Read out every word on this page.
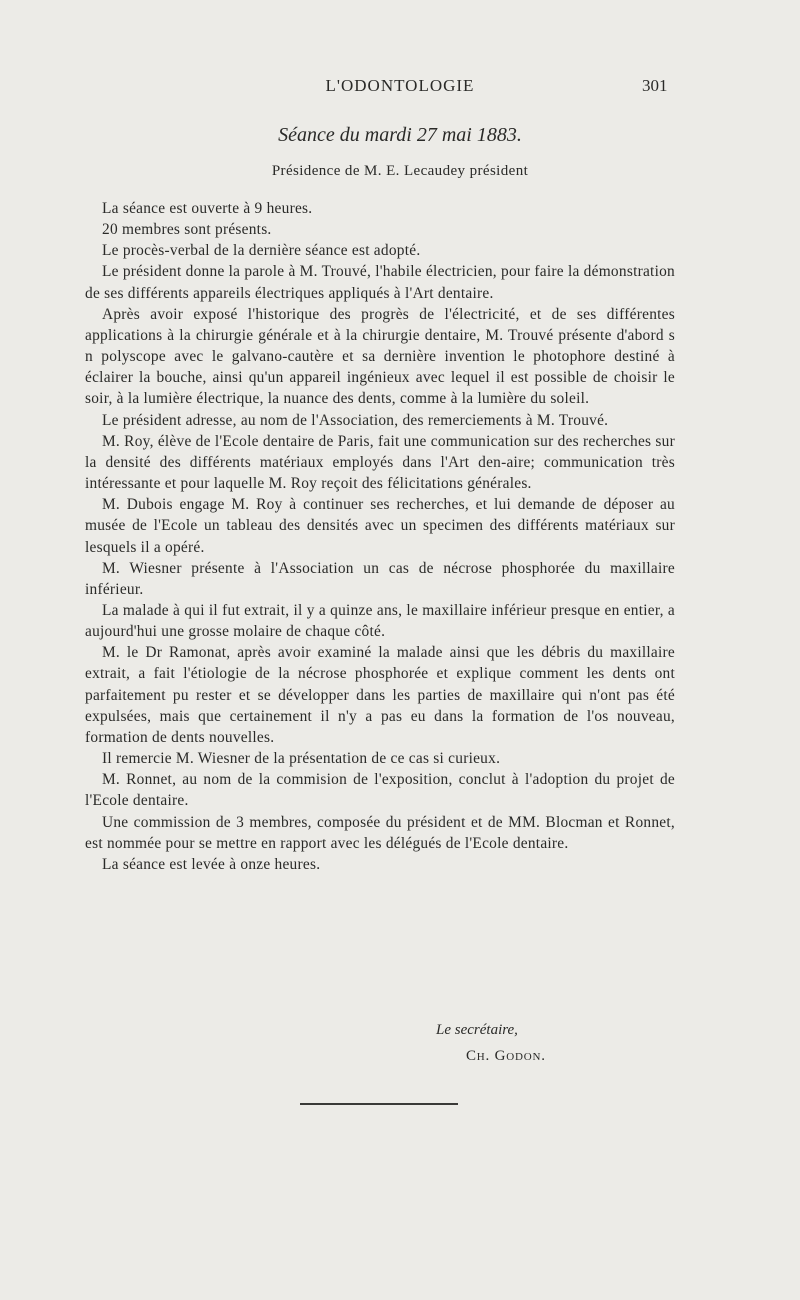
L'ODONTOLOGIE	301
Séance du mardi 27 mai 1883.
Présidence de M. E. Lecaudey président

La séance est ouverte à 9 heures.

20 membres sont présents.

Le procès-verbal de la dernière séance est adopté.

Le président donne la parole à M. Trouvé, l'habile électricien, pour faire la démonstration de ses différents appareils électriques appliqués à l'Art dentaire.

Après avoir exposé l'historique des progrès de l'électricité, et de ses différentes applications à la chirurgie générale et à la chirurgie dentaire, M. Trouvé présente d'abord s n polyscope avec le galvano-cautère et sa dernière invention le photophore destiné à éclairer la bouche, ainsi qu'un appareil ingénieux avec lequel il est possible de choisir le soir, à la lumière électrique, la nuance des dents, comme à la lumière du soleil.

Le président adresse, au nom de l'Association, des remerciements à M. Trouvé.

M. Roy, élève de l'Ecole dentaire de Paris, fait une communication sur des recherches sur la densité des différents matériaux employés dans l'Art den-aire; communication très intéressante et pour laquelle M. Roy reçoit des félicitations générales.

M. Dubois engage M. Roy à continuer ses recherches, et lui demande de déposer au musée de l'Ecole un tableau des densités avec un specimen des différents matériaux sur lesquels il a opéré.

M. Wiesner présente à l'Association un cas de nécrose phosphorée du maxillaire inférieur.

La malade à qui il fut extrait, il y a quinze ans, le maxillaire inférieur presque en entier, a aujourd'hui une grosse molaire de chaque côté.

M. le Dr Ramonat, après avoir examiné la malade ainsi que les débris du maxillaire extrait, a fait l'étiologie de la nécrose phosphorée et explique comment les dents ont parfaitement pu rester et se développer dans les parties de maxillaire qui n'ont pas été expulsées, mais que certainement il n'y a pas eu dans la formation de l'os nouveau, formation de dents nouvelles.

Il remercie M. Wiesner de la présentation de ce cas si curieux.

M. Ronnet, au nom de la commision de l'exposition, conclut à l'adoption du projet de l'Ecole dentaire.

Une commission de 3 membres, composée du président et de MM. Blocman et Ronnet, est nommée pour se mettre en rapport avec les délégués de l'Ecole dentaire.

La séance est levée à onze heures.

Le secrétaire,
Ch. Godon.
